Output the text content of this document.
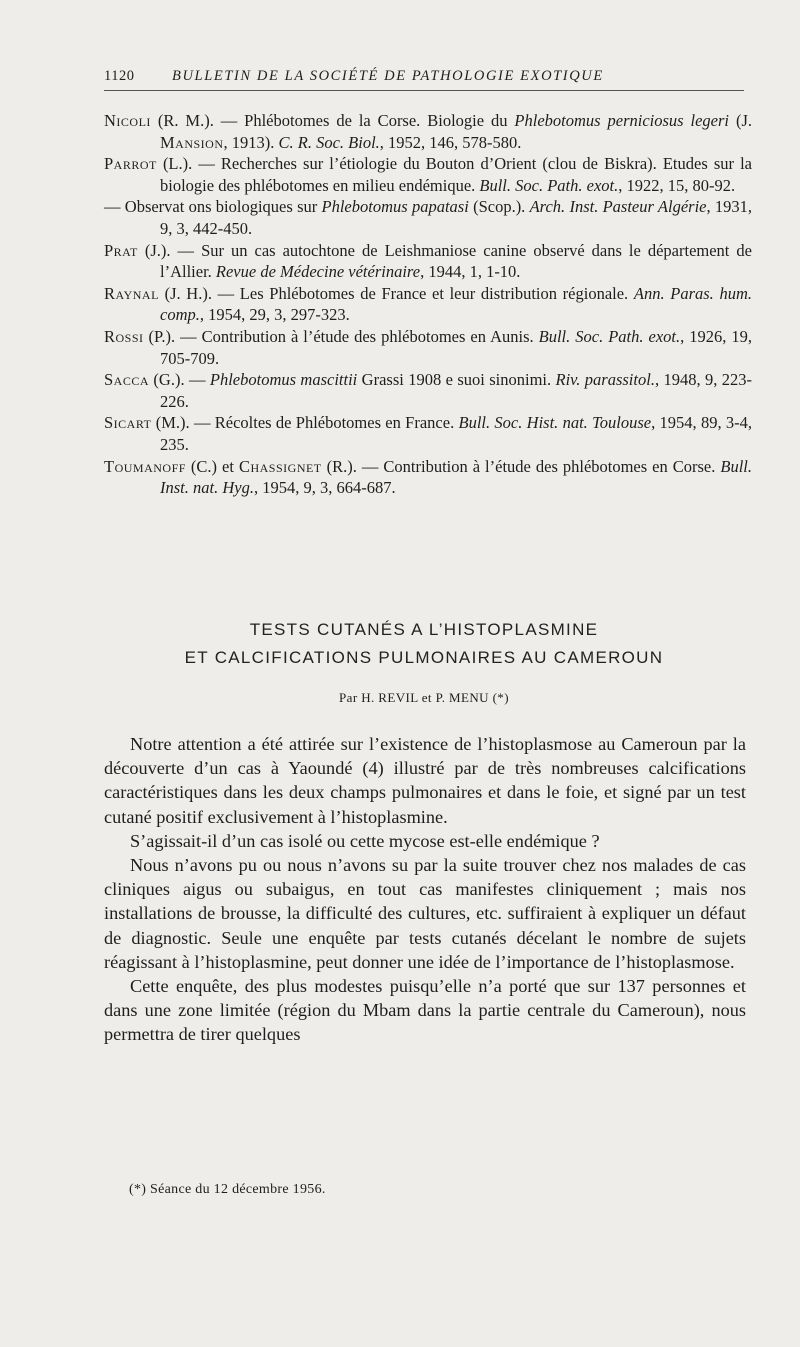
1120	BULLETIN DE LA SOCIÉTÉ DE PATHOLOGIE EXOTIQUE

Nicoli (R. M.). — Phlébotomes de la Corse. Biologie du Phlebotomus perniciosus legeri (J. Mansion, 1913). C. R. Soc. Biol., 1952, 146, 578-580.

Parrot (L.). — Recherches sur l’étiologie du Bouton d’Orient (clou de Biskra). Etudes sur la biologie des phlébotomes en milieu endémique. Bull. Soc. Path. exot., 1922, 15, 80-92.

— Observat ons biologiques sur Phlebotomus papatasi (Scop.). Arch. Inst. Pasteur Algérie, 1931, 9, 3, 442-450.

Prat (J.). — Sur un cas autochtone de Leishmaniose canine observé dans le département de l’Allier. Revue de Médecine vétérinaire, 1944, 1, 1-10.

Raynal (J. H.). — Les Phlébotomes de France et leur distribution régionale. Ann. Paras. hum. comp., 1954, 29, 3, 297-323.

Rossi (P.). — Contribution à l’étude des phlébotomes en Aunis. Bull. Soc. Path. exot., 1926, 19, 705-709.

Sacca (G.). — Phlebotomus mascittii Grassi 1908 e suoi sinonimi. Riv. parassitol., 1948, 9, 223-226.

Sicart (M.). — Récoltes de Phlébotomes en France. Bull. Soc. Hist. nat. Toulouse, 1954, 89, 3-4, 235.

Toumanoff (C.) et Chassignet (R.). — Contribution à l’étude des phlébotomes en Corse. Bull. Inst. nat. Hyg., 1954, 9, 3, 664-687.

TESTS CUTANÉS A L’HISTOPLASMINE
ET CALCIFICATIONS PULMONAIRES AU CAMEROUN
Par H. REVIL et P. MENU (*)

Notre attention a été attirée sur l’existence de l’histoplasmose au Cameroun par la découverte d’un cas à Yaoundé (4) illustré par de très nombreuses calcifications caractéristiques dans les deux champs pulmonaires et dans le foie, et signé par un test cutané positif exclusivement à l’histoplasmine.

S’agissait-il d’un cas isolé ou cette mycose est-elle endémique ?

Nous n’avons pu ou nous n’avons su par la suite trouver chez nos malades de cas cliniques aigus ou subaigus, en tout cas manifestes cliniquement ; mais nos installations de brousse, la difficulté des cultures, etc. suffiraient à expliquer un défaut de diagnostic. Seule une enquête par tests cutanés décelant le nombre de sujets réagissant à l’histoplasmine, peut donner une idée de l’importance de l’histoplasmose.

Cette enquête, des plus modestes puisqu’elle n’a porté que sur 137 personnes et dans une zone limitée (région du Mbam dans la partie centrale du Cameroun), nous permettra de tirer quelques

(*) Séance du 12 décembre 1956.
